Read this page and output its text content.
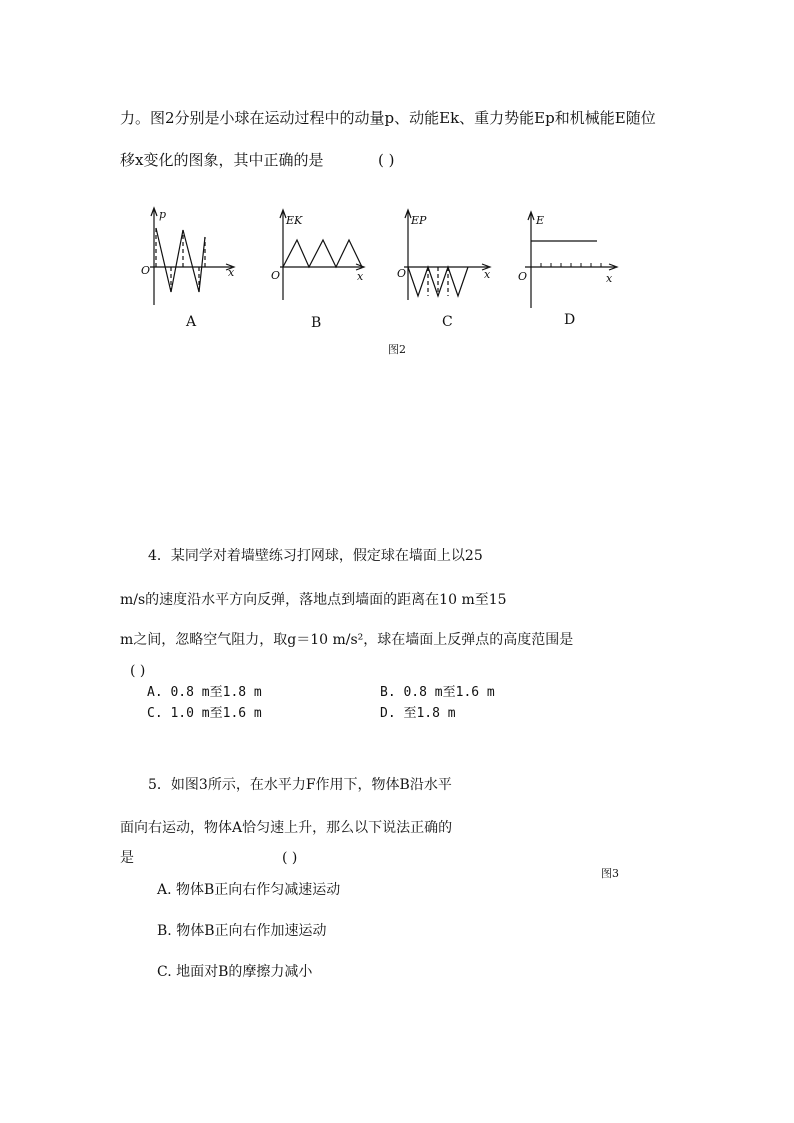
力。图2分别是小球在运动过程中的动量p、动能Ek、重力势能Ep和机械能E随位
移x变化的图象，其中正确的是	( )
p
O	x
EK
O	x
EP
O	x
E
O	x
A	B	C	D
图2
4．某同学对着墙壁练习打网球，假定球在墙面上以25
m/s的速度沿水平方向反弹，落地点到墙面的距离在10 m至15
m之间，忽略空气阻力，取g＝10 m/s²，球在墙面上反弹点的高度范围是
( )
A. 0.8 m至1.8 m	B. 0.8 m至1.6 m
C. 1.0 m至1.6 m	D. 至1.8 m
5．如图3所示，在水平力F作用下，物体B沿水平
面向右运动，物体A恰匀速上升，那么以下说法正确的
是	( )
图3
A. 物体B正向右作匀减速运动
B. 物体B正向右作加速运动
C. 地面对B的摩擦力减小
